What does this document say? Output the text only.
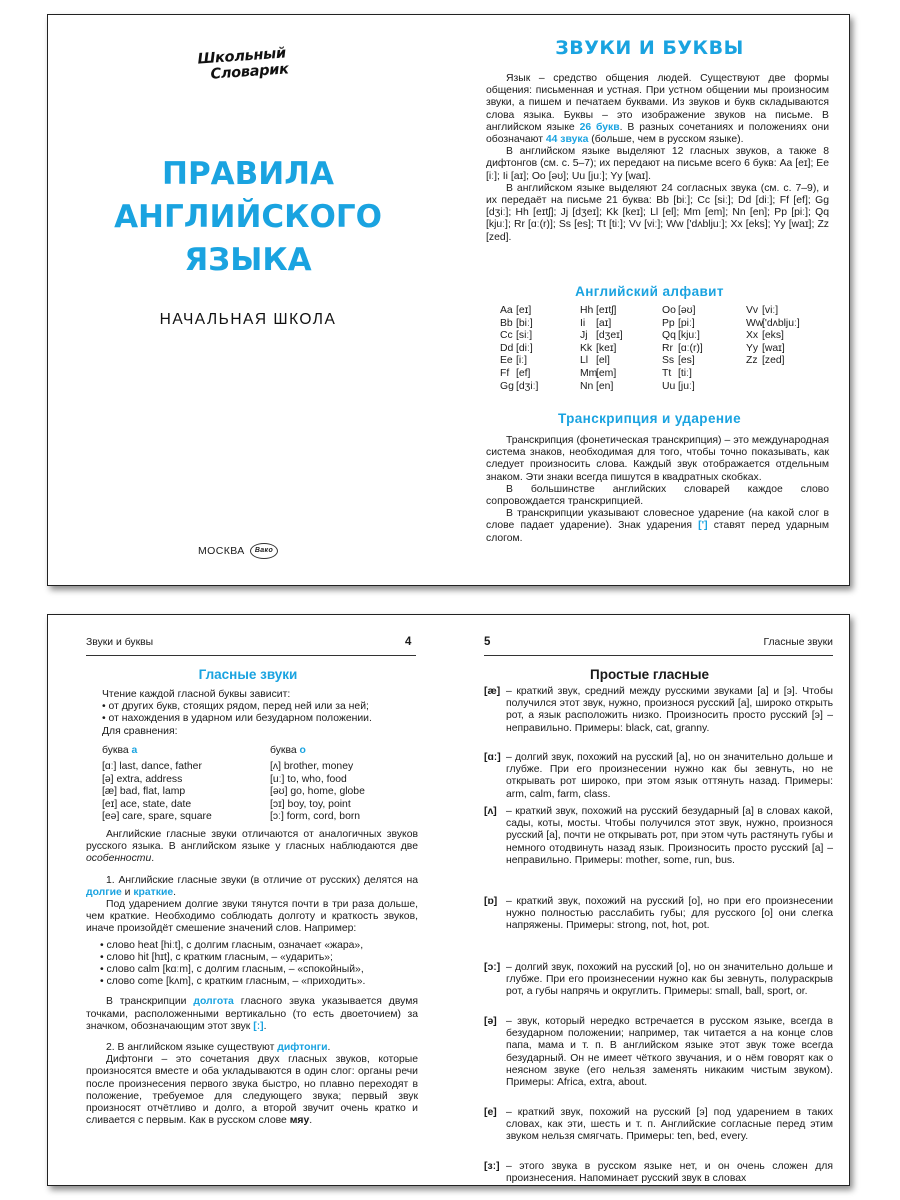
Школьный
Словарик
ПРАВИЛА
АНГЛИЙСКОГО
ЯЗЫКА
НАЧАЛЬНАЯ ШКОЛА
МОСКВА Вако
ЗВУКИ И БУКВЫ

Язык – средство общения людей. Существуют две формы общения: письменная и устная. При устном общении мы произносим звуки, а пишем и печатаем буквами. Из звуков и букв складываются слова языка. Буквы – это изображение звуков на письме. В английском языке 26 букв. В разных сочетаниях и положениях они обозначают 44 звука (больше, чем в русском языке).

В английском языке выделяют 12 гласных звуков, а также 8 дифтонгов (см. с. 5–7); их передают на письме всего 6 букв: Aa [eɪ]; Ee [iː]; Ii [aɪ]; Oo [əʊ]; Uu [juː]; Yy [waɪ].

В английском языке выделяют 24 согласных звука (см. с. 7–9), и их передаёт на письме 21 буква: Bb [biː]; Cc [siː]; Dd [diː]; Ff [ef]; Gg [dʒiː]; Hh [eɪtʃ]; Jj [dʒeɪ]; Kk [keɪ]; Ll [el]; Mm [em]; Nn [en]; Pp [piː]; Qq [kjuː]; Rr [ɑː(r)]; Ss [es]; Tt [tiː]; Vv [viː]; Ww ['dʌbljuː]; Xx [eks]; Yy [waɪ]; Zz [zed].

Английский алфавит
Aa [eɪ]
Bb [biː]
Cc [siː]
Dd [diː]
Ee [iː]
Ff [ef]
Gg [dʒiː]
Hh [eɪtʃ]
Ii [aɪ]
Jj [dʒeɪ]
Kk [keɪ]
Ll [el]
Mm[em]
Nn [en]
Oo [əʊ]
Pp [piː]
Qq [kjuː]
Rr [ɑː(r)]
Ss [es]
Tt [tiː]
Uu [juː]
Vv [viː]
Ww['dʌbljuː]
Xx [eks]
Yy [waɪ]
Zz [zed]
Транскрипция и ударение

Транскрипция (фонетическая транскрипция) – это международная система знаков, необходимая для того, чтобы точно показывать, как следует произносить слова. Каждый звук отображается отдельным знаком. Эти знаки всегда пишутся в квадратных скобках.

В большинстве английских словарей каждое слово сопровождается транскрипцией.

В транскрипции указывают словесное ударение (на какой слог в слове падает ударение). Знак ударения ['] ставят перед ударным слогом.

Звуки и буквы	4
Гласные звуки
Чтение каждой гласной буквы зависит:
• от других букв, стоящих рядом, перед ней или за ней;
• от нахождения в ударном или безударном положении.
Для сравнения:
буква a
[ɑː] last, dance, father
[ə] extra, address
[æ] bad, flat, lamp
[eɪ] ace, state, date
[eə] care, spare, square
буква o
[ʌ] brother, money
[uː] to, who, food
[əʊ] go, home, globe
[ɔɪ] boy, toy, point
[ɔː] form, cord, born

Английские гласные звуки отличаются от аналогичных звуков русского языка. В английском языке у гласных наблюдаются две особенности.

1. Английские гласные звуки (в отличие от русских) делятся на долгие и краткие.

Под ударением долгие звуки тянутся почти в три раза дольше, чем краткие. Необходимо соблюдать долготу и краткость звуков, иначе произойдёт смешение значений слов. Например:

• слово heat [hiːt], с долгим гласным, означает «жара»,
• слово hit [hɪt], с кратким гласным, – «ударить»;
• слово calm [kɑːm], с долгим гласным, – «спокойный»,
• слово come [kʌm], с кратким гласным, – «приходить».

В транскрипции долгота гласного звука указывается двумя точками, расположенными вертикально (то есть двоеточием) за значком, обозначающим этот звук [ː].

2. В английском языке существуют дифтонги.

Дифтонги – это сочетания двух гласных звуков, которые произносятся вместе и оба укладываются в один слог: органы речи после произнесения первого звука быстро, но плавно переходят в положение, требуемое для следующего звука; первый звук произносят отчётливо и долго, а второй звучит очень кратко и сливается с первым. Как в русском слове мяу.

5	Гласные звуки
Простые гласные
[æ] – краткий звук, средний между русскими звуками [а] и [э]. Чтобы получился этот звук, нужно, произнося русский [а], широко открыть рот, а язык расположить низко. Произносить просто русский [э] – неправильно. Примеры: black, cat, granny.
[ɑː] – долгий звук, похожий на русский [а], но он значительно дольше и глубже. При его произнесении нужно как бы зевнуть, но не открывать рот широко, при этом язык оттянуть назад. Примеры: arm, calm, farm, class.
[ʌ] – краткий звук, похожий на русский безударный [а] в словах какой, сады, коты, мосты. Чтобы получился этот звук, нужно, произнося русский [а], почти не открывать рот, при этом чуть растянуть губы и немного отодвинуть назад язык. Произносить просто русский [а] – неправильно. Примеры: mother, some, run, bus.
[ɒ] – краткий звук, похожий на русский [о], но при его произнесении нужно полностью расслабить губы; для русского [о] они слегка напряжены. Примеры: strong, not, hot, pot.
[ɔː] – долгий звук, похожий на русский [о], но он значительно дольше и глубже. При его произнесении нужно как бы зевнуть, полураскрыв рот, а губы напрячь и округлить. Примеры: small, ball, sport, or.
[ə] – звук, который нередко встречается в русском языке, всегда в безударном положении; например, так читается а на конце слов папа, мама и т. п. В английском языке этот звук тоже всегда безударный. Он не имеет чёткого звучания, и о нём говорят как о неясном звуке (его нельзя заменять никаким чистым звуком). Примеры: Africa, extra, about.
[e] – краткий звук, похожий на русский [э] под ударением в таких словах, как эти, шесть и т. п. Английские согласные перед этим звуком нельзя смягчать. Примеры: ten, bed, every.
[ɜː] – этого звука в русском языке нет, и он очень сложен для произнесения. Напоминает русский звук в словах
